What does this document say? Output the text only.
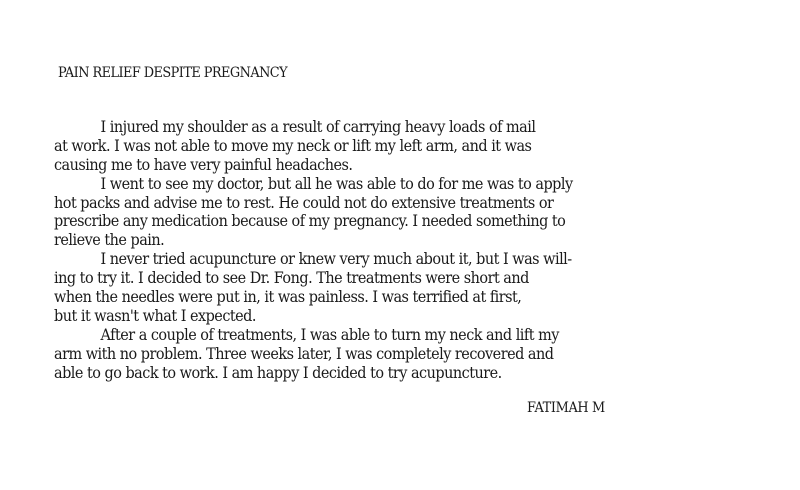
PAIN RELIEF DESPITE PREGNANCY
I injured my shoulder as a result of carrying heavy loads of mail
at work. I was not able to move my neck or lift my left arm, and it was
causing me to have very painful headaches.
I went to see my doctor, but all he was able to do for me was to apply
hot packs and advise me to rest. He could not do extensive treatments or
prescribe any medication because of my pregnancy. I needed something to
relieve the pain.
I never tried acupuncture or knew very much about it, but I was will-
ing to try it. I decided to see Dr. Fong. The treatments were short and
when the needles were put in, it was painless. I was terrified at first,
but it wasn't what I expected.
After a couple of treatments, I was able to turn my neck and lift my
arm with no problem. Three weeks later, I was completely recovered and
able to go back to work. I am happy I decided to try acupuncture.
FATIMAH M
